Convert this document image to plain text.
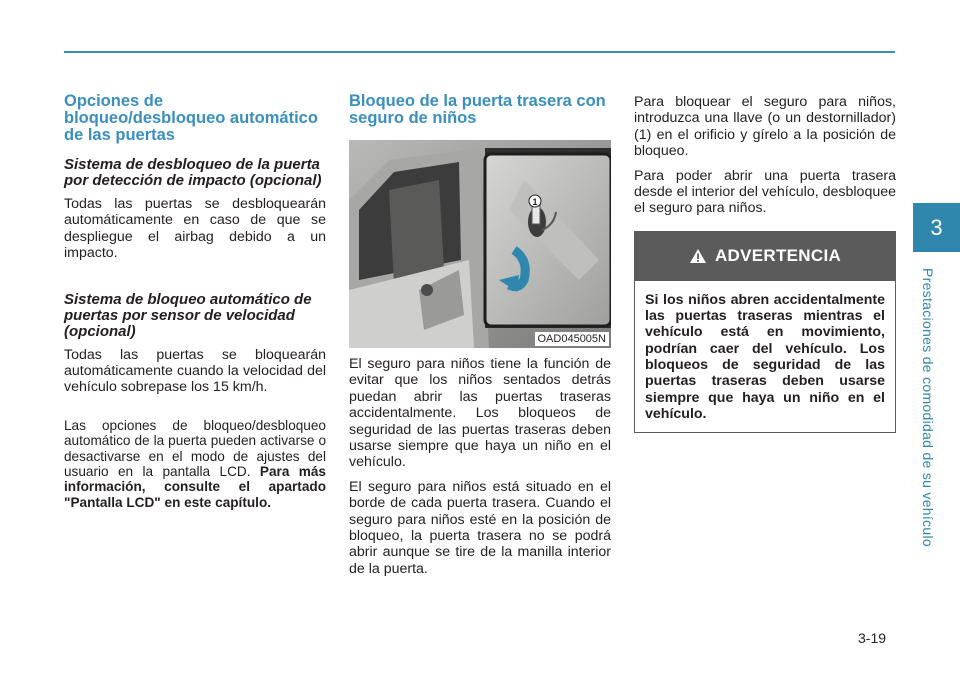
3
Prestaciones de comodidad de su vehículo
Opciones de bloqueo/desbloqueo automático de las puertas
Sistema de desbloqueo de la puerta por detección de impacto (opcional)

Todas las puertas se desbloquearán automáticamente en caso de que se despliegue el airbag debido a un impacto.

Sistema de bloqueo automático de puertas por sensor de velocidad (opcional)

Todas las puertas se bloquearán automáticamente cuando la velocidad del vehículo sobrepase los 15 km/h.

Las opciones de bloqueo/desbloqueo automático de la puerta pueden activarse o desactivarse en el modo de ajustes del usuario en la pantalla LCD. Para más información, consulte el apartado "Pantalla LCD" en este capítulo.

Bloqueo de la puerta trasera con seguro de niños
1
OAD045005N

El seguro para niños tiene la función de evitar que los niños sentados detrás puedan abrir las puertas traseras accidentalmente. Los bloqueos de seguridad de las puertas traseras deben usarse siempre que haya un niño en el vehículo.

El seguro para niños está situado en el borde de cada puerta trasera. Cuando el seguro para niños esté en la posición de bloqueo, la puerta trasera no se podrá abrir aunque se tire de la manilla interior de la puerta.

Para bloquear el seguro para niños, introduzca una llave (o un destornillador) (1) en el orificio y gírelo a la posición de bloqueo.

Para poder abrir una puerta trasera desde el interior del vehículo, desbloquee el seguro para niños.

ADVERTENCIA
Si los niños abren accidentalmente las puertas traseras mientras el vehículo está en movimiento, podrían caer del vehículo. Los bloqueos de seguridad de las puertas traseras deben usarse siempre que haya un niño en el vehículo.
3-19
